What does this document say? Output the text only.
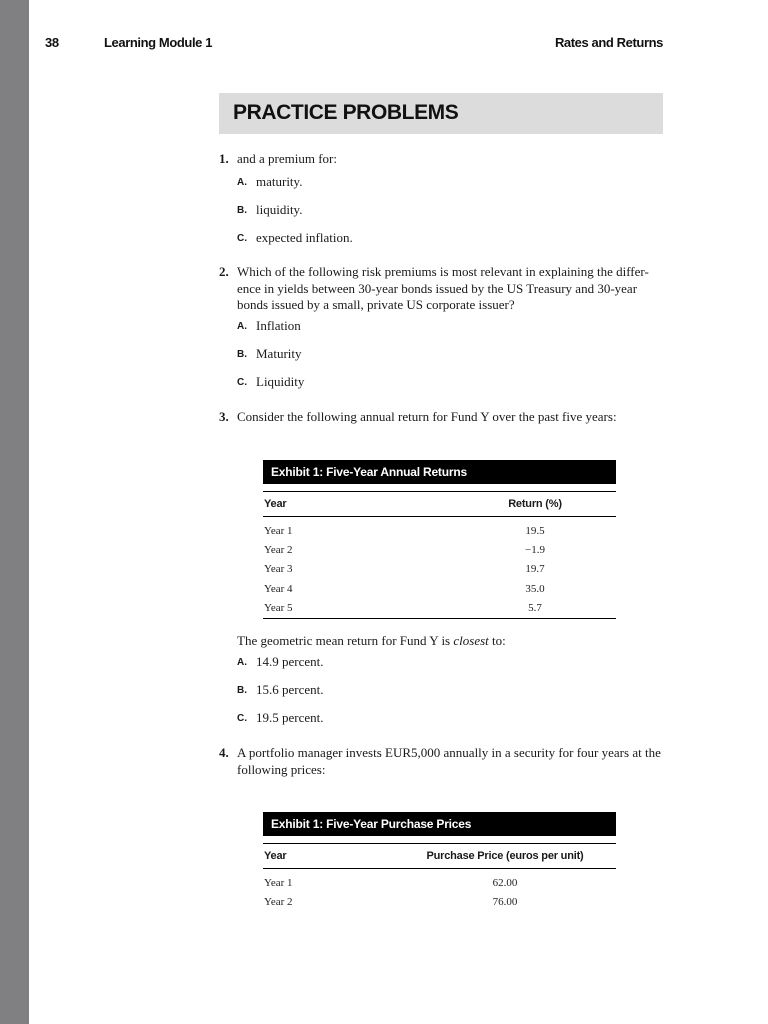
38	Learning Module 1	Rates and Returns
PRACTICE PROBLEMS
1. and a premium for:
A. maturity.
B. liquidity.
C. expected inflation.
2. Which of the following risk premiums is most relevant in explaining the differ-
ence in yields between 30-year bonds issued by the US Treasury and 30-year
bonds issued by a small, private US corporate issuer?
A. Inflation
B. Maturity
C. Liquidity
3. Consider the following annual return for Fund Y over the past five years:
Exhibit 1: Five-Year Annual Returns
Year	Return (%)
Year 1	19.5
Year 2	−1.9
Year 3	19.7
Year 4	35.0
Year 5	5.7
The geometric mean return for Fund Y is closest to:
A. 14.9 percent.
B. 15.6 percent.
C. 19.5 percent.
4. A portfolio manager invests EUR5,000 annually in a security for four years at the
following prices:
Exhibit 1: Five-Year Purchase Prices
Year	Purchase Price (euros per unit)
Year 1	62.00
Year 2	76.00
